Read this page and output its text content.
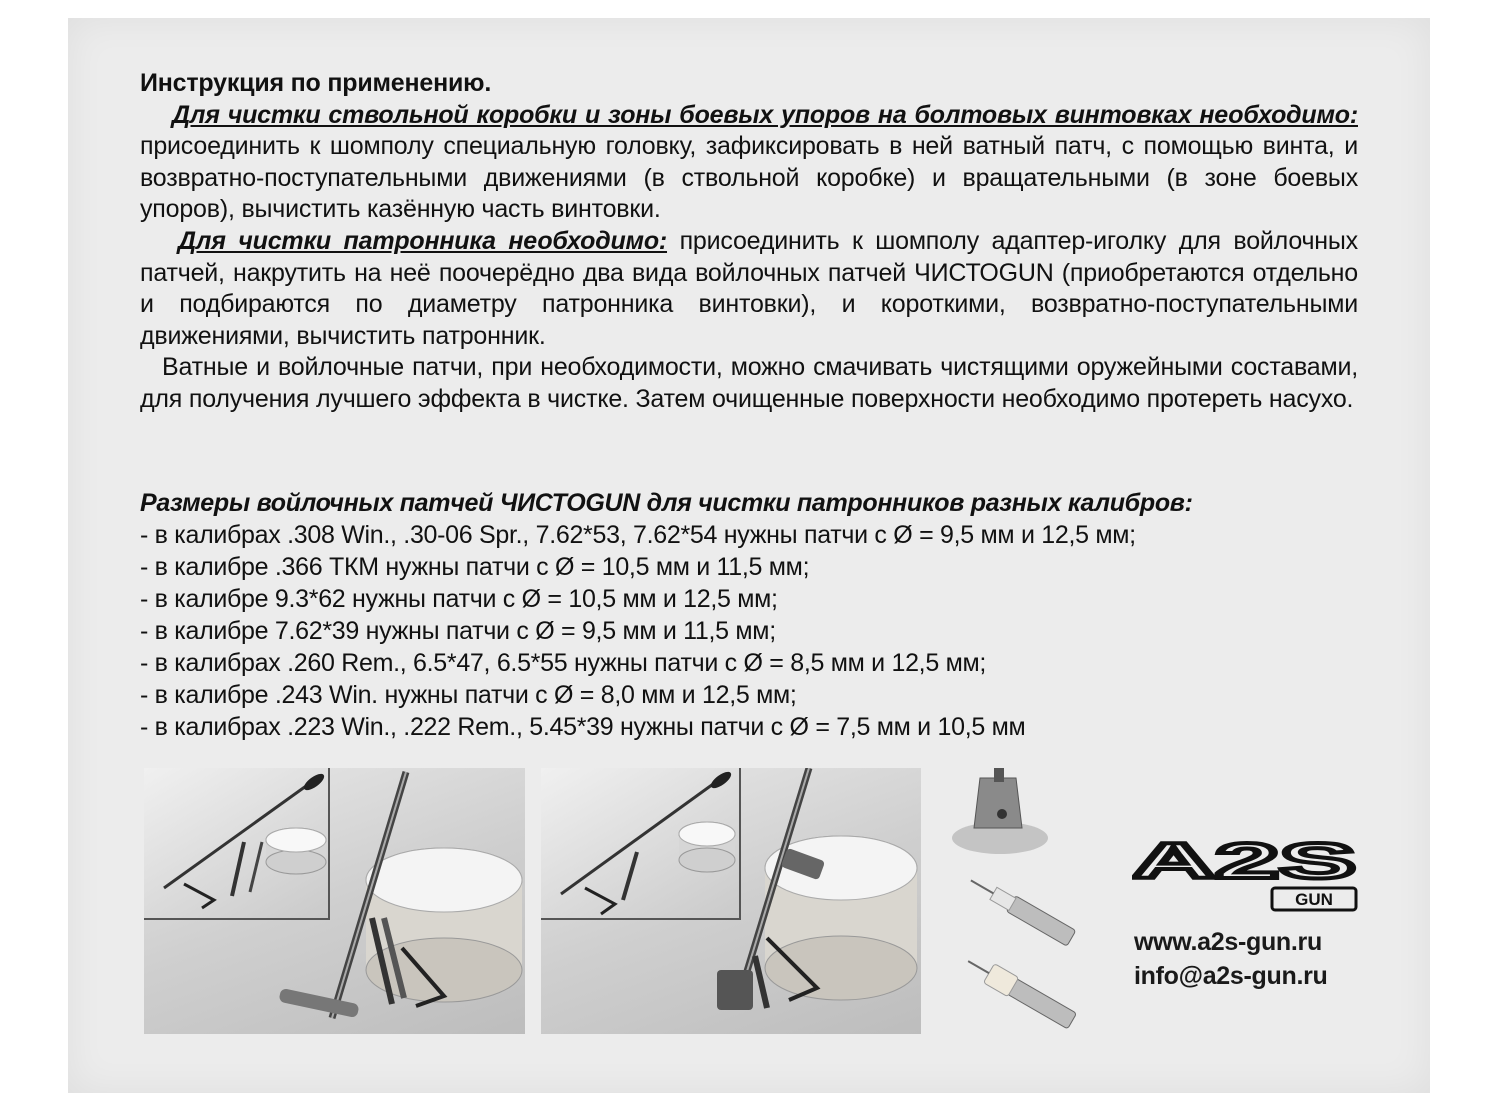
Инструкция по применению.

Для чистки ствольной коробки и зоны боевых упоров на болтовых винтовках необходимо: присоединить к шомполу специальную головку, зафиксировать в ней ватный патч, с помощью винта, и возвратно-поступательными движениями (в ствольной коробке) и вращательными (в зоне боевых упоров), вычистить казённую часть винтовки.

Для чистки патронника необходимо: присоединить к шомполу адаптер-иголку для войлочных патчей, накрутить на неё поочерёдно два вида войлочных патчей ЧИСТОGUN (приобретаются отдельно и подбираются по диаметру патронника винтовки), и короткими, возвратно-поступательными движениями, вычистить патронник.

Ватные и войлочные патчи, при необходимости, можно смачивать чистящими оружейными составами, для получения лучшего эффекта в чистке. Затем очищенные поверхности необходимо протереть насухо.

Размеры войлочных патчей ЧИСТОGUN для чистки патронников разных калибров:

- в калибрах .308 Win., .30-06 Spr., 7.62*53, 7.62*54 нужны патчи с Ø = 9,5 мм и 12,5 мм;

- в калибре .366 ТКМ нужны патчи с Ø = 10,5 мм и 11,5 мм;

- в калибре 9.3*62 нужны патчи с Ø = 10,5 мм и 12,5 мм;

- в калибре 7.62*39 нужны патчи с Ø = 9,5 мм и 11,5 мм;

- в калибрах .260 Rem., 6.5*47, 6.5*55 нужны патчи с Ø = 8,5 мм и 12,5 мм;

- в калибре .243 Win. нужны патчи с Ø = 8,0 мм и 12,5 мм;

- в калибрах .223 Win., .222 Rem., 5.45*39 нужны патчи с Ø = 7,5 мм и 10,5 мм

A2S
GUN
www.a2s-gun.ru
info@a2s-gun.ru
